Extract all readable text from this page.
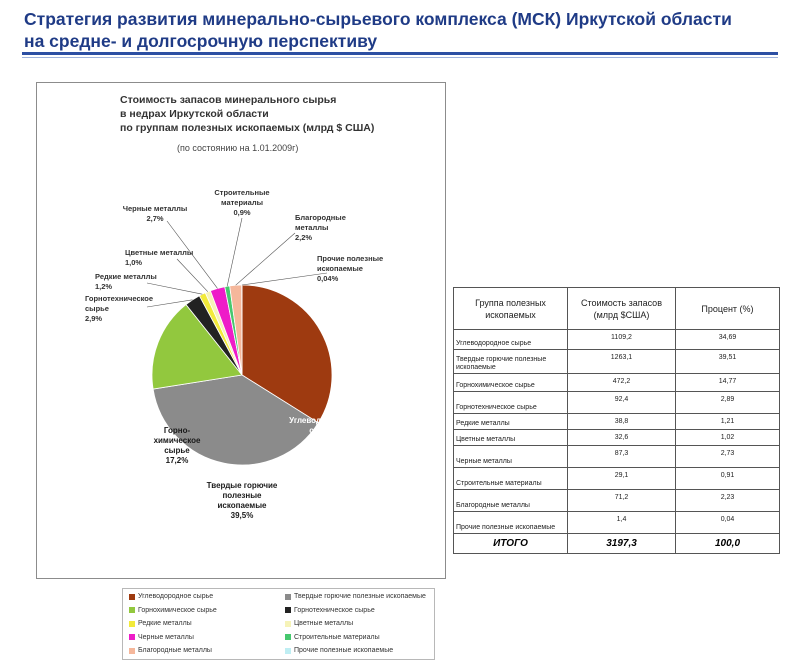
Стратегия развития минерально-сырьевого комплекса (МСК) Иркутской области
на средне- и долгосрочную перспективу
Стоимость запасов минерального сырья
в недрах Иркутской области
по группам полезных ископаемых (млрд $ США)
(по состоянию на 1.01.2009г)
Углеводородное
сырье
34,7%
Твердые горючие
полезные
ископаемые
39,5%
Горно-
химическое
сырье
17,2%
Горнотехническое
сырье
2,9%
Редкие металлы
1,2%
Цветные металлы
1,0%
Черные металлы
2,7%
Строительные
материалы
0,9%
Благородные
металлы
2,2%
Прочие полезные
ископаемые
0,04%
Углеводородное сырье	Твердые горючие полезные ископаемые
Горнохимическое сырье	Горнотехническое сырье
Редкие металлы	Цветные металлы
Черные металлы	Строительные материалы
Благородные металлы	Прочие полезные ископаемые
Группа полезных ископаемых	Стоимость запасов (млрд $США)	Процент (%)
Углеводородное сырье	1109,2	34,69
Твердые горючие полезные ископаемые	1263,1	39,51
Горнохимическое сырье	472,2	14,77
Горнотехническое сырье	92,4	2,89
Редкие металлы	38,8	1,21
Цветные металлы	32,6	1,02
Черные металлы	87,3	2,73
Строительные материалы	29,1	0,91
Благородные металлы	71,2	2,23
Прочие полезные ископаемые	1,4	0,04
ИТОГО	3197,3	100,0
